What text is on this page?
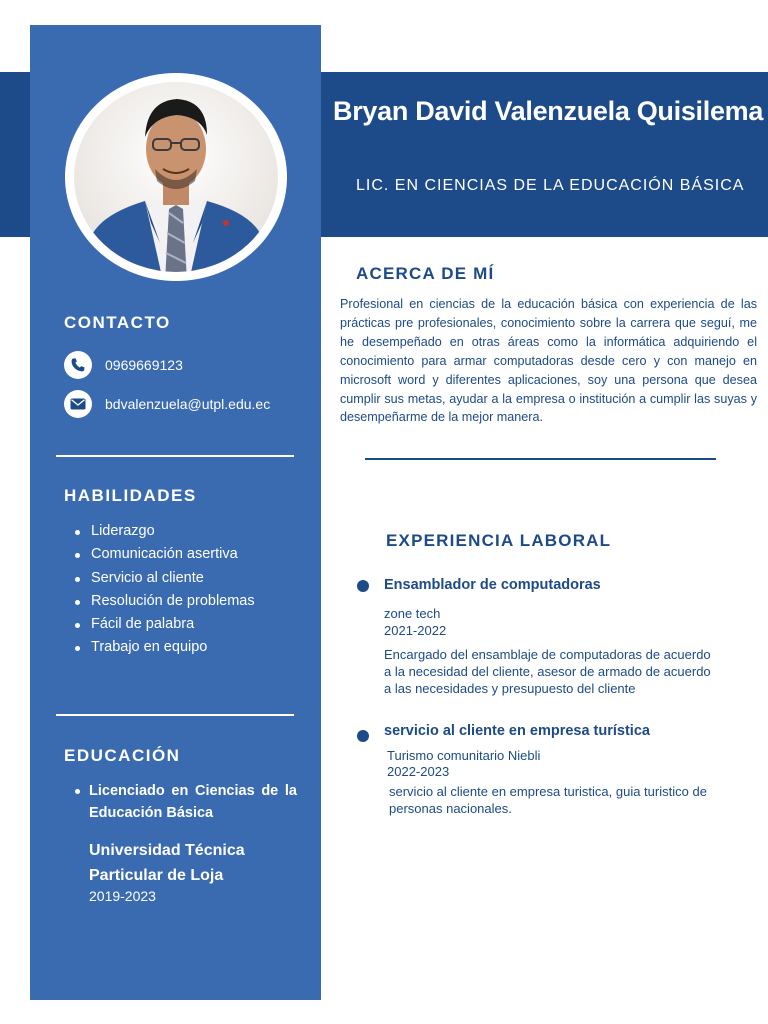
Bryan David Valenzuela Quisilema
LIC. EN CIENCIAS DE LA EDUCACIÓN BÁSICA
CONTACTO
0969669123
bdvalenzuela@utpl.edu.ec
HABILIDADES
Liderazgo
Comunicación asertiva
Servicio al cliente
Resolución de problemas
Fácil de palabra
Trabajo en equipo
EDUCACIÓN
Licenciado en Ciencias de la Educación Básica
Universidad Técnica Particular de Loja
2019-2023
ACERCA DE MÍ

Profesional en ciencias de la educación básica con experiencia de las prácticas pre profesionales, conocimiento sobre la carrera que seguí, me he desempeñado en otras áreas como la informática adquiriendo el conocimiento para armar computadoras desde cero y con manejo en microsoft word y diferentes aplicaciones, soy una persona que desea cumplir sus metas, ayudar a la empresa o institución a cumplir las suyas y desempeñarme de la mejor manera.

EXPERIENCIA LABORAL
Ensamblador de computadoras
zone tech
2021-2022

Encargado del ensamblaje de computadoras de acuerdo a la necesidad del cliente, asesor de armado de acuerdo a las necesidades y presupuesto del cliente

servicio al cliente en empresa turística
Turismo comunitario Niebli
2022-2023

servicio al cliente en empresa turistica, guia turistico de personas nacionales.
